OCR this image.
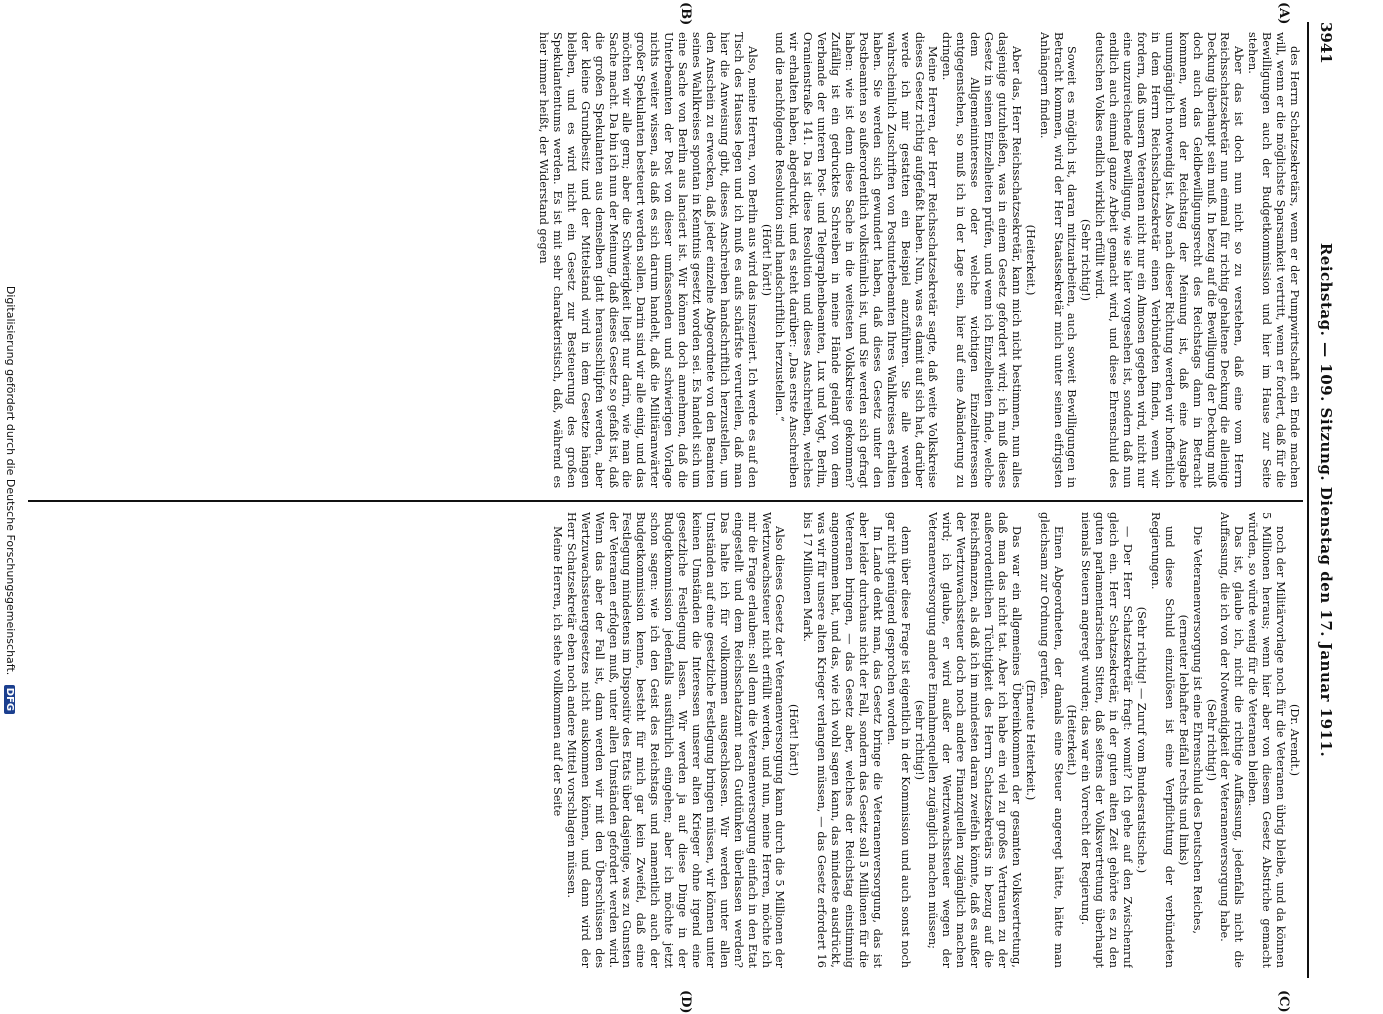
3941
Reichstag. — 109. Sitzung. Dienstag den 17. Januar 1911.
(C)
(D)
(A)
(B)

des Herrn Schatzsekretärs, wenn er der Pumpwirtschaft ein Ende machen will, wenn er die möglichste Sparsamkeit vertritt, wenn er fordert, daß für die Bewilligungen auch der Budgetkommission und hier im Hause zur Seite stehen.

Aber das ist doch nun nicht so zu verstehen, daß eine vom Herrn Reichsschatzsekretär nun einmal für richtig gehaltene Deckung die alleinige Deckung überhaupt sein muß. In bezug auf die Bewilligung der Deckung muß doch auch das Geldbewilligungsrecht des Reichstags dann in Betracht kommen, wenn der Reichstag der Meinung ist, daß eine Ausgabe unumgänglich notwendig ist. Also nach dieser Richtung werden wir hoffentlich in dem Herrn Reichsschatzsekretär einen Verbündeten finden, wenn wir fordern, daß unsern Veteranen nicht nur ein Almosen gegeben wird, nicht nur eine unzureichende Bewilligung, wie sie hier vorgesehen ist, sondern daß nun endlich auch einmal ganze Arbeit gemacht wird, und diese Ehrenschuld des deutschen Volkes endlich wirklich erfüllt wird.

(Sehr richtig!)

Soweit es möglich ist, daran mitzuarbeiten, auch soweit Bewilligungen in Betracht kommen, wird der Herr Staatssekretär mich unter seinen eifrigsten Anhängern finden.

(Heiterkeit.)

Aber das, Herr Reichsschatzsekretär, kann mich nicht bestimmen, nun alles dasjenige gutzuheißen, was in einem Gesetz gefordert wird; ich muß dieses Gesetz in seinen Einzelheiten prüfen, und wenn ich Einzelheiten finde, welche dem Allgemeininteresse oder welche wichtigen Einzelinteressen entgegenstehen, so muß ich in der Lage sein, hier auf eine Abänderung zu dringen.

Meine Herren, der Herr Reichsschatzsekretär sagte, daß weite Volkskreise dieses Gesetz richtig aufgefaßt haben. Nun, was es damit auf sich hat, darüber werde ich mir gestatten ein Beispiel anzuführen. Sie alle werden wahrscheinlich Zuschriften von Postunterbeamten Ihres Wahlkreises erhalten haben. Sie werden sich gewundert haben, daß dieses Gesetz unter den Postbeamten so außerordentlich volkstümlich ist, und Sie werden sich gefragt haben: wie ist denn diese Sache in die weitesten Volkskreise gekommen? Zufällig ist ein gedrucktes Schreiben in meine Hände gelangt von dem Verbande der unteren Post- und Telegraphenbeamten, Lux und Vogt, Berlin, Oranienstraße 141. Da ist diese Resolution und dieses Anschreiben, welches wir erhalten haben, abgedruckt, und es steht darüber: „Das erste Anschreiben und die nachfolgende Resolution sind handschriftlich herzustellen.“

(Hört! hört!)

Also, meine Herren, von Berlin aus wird das inszeniert. Ich werde es auf den Tisch des Hauses legen und ich muß es aufs schärfste verurteilen, daß man hier die Anweisung gibt, dieses Anschreiben handschriftlich herzustellen, um den Anschein zu erwecken, daß jeder einzelne Abgeordnete von den Beamten seines Wahlkreises spontan in Kenntnis gesetzt worden sei. Es handelt sich um eine Sache von Berlin aus lanciert ist. Wir können doch annehmen, daß die Unterbeamten der Post von dieser umfassenden und schwierigen Vorlage nichts weiter wissen, als daß es sich darum handelt, daß die Militäranwärter großer Spekulanten besteuert werden sollen. Darin sind wir alle einig, und das möchten wir alle gern; aber die Schwierigkeit liegt nur darin, wie man die Sache macht. Da bin ich nun der Meinung, daß dieses Gesetz so gefaßt ist, daß die großen Spekulanten aus demselben glatt herausschlüpfen werden, aber der kleine Grundbesitz und der Mittelstand wird in dem Gesetze hängen bleiben, und es wird nicht ein Gesetz zur Besteuerung des großen Spekulantentums werden. Es ist mit sehr charakteristisch, daß, während es hier immer heißt, der Widerstand gegen

(Dr. Arendt.)

noch der Militärvorlage noch für die Veteranen übrig bleibe, und da können 5 Millionen heraus; wenn hier aber von diesem Gesetz Abstriche gemacht würden, so würde wenig für die Veteranen bleiben.

Das ist, glaube ich, nicht die richtige Auffassung, jedenfalls nicht die Auffassung, die ich von der Notwendigkeit der Veteranenversorgung habe.

(Sehr richtig!)

Die Veteranenversorgung ist eine Ehrenschuld des Deutschen Reiches,

(erneuter lebhafter Beifall rechts und links)

und diese Schuld einzulösen ist eine Verpflichtung der verbündeten Regierungen.

(Sehr richtig! — Zuruf vom Bundesratstische.)

— Der Herr Schatzsekretär fragt: womit? Ich gehe auf den Zwischenruf gleich ein. Herr Schatzsekretär, in der guten alten Zeit gehörte es zu den guten parlamentarischen Sitten, daß seitens der Volksvertretung überhaupt niemals Steuern angeregt wurden; das war ein Vorrecht der Regierung.

(Heiterkeit.)

Einen Abgeordneten, der damals eine Steuer angeregt hätte, hätte man gleichsam zur Ordnung gerufen.

(Erneute Heiterkeit.)

Das war ein allgemeines Übereinkommen der gesamten Volksvertretung, daß man das nicht tat. Aber ich habe ein viel zu großes Vertrauen zu der außerordentlichen Tüchtigkeit des Herrn Schatzsekretärs in bezug auf die Reichsfinanzen, als daß ich im mindesten daran zweifeln könnte, daß es außer der Wertzuwachssteuer doch noch andere Finanzquellen zugänglich machen wird; ich glaube, er wird außer der Wertzuwachssteuer wegen der Veteranenversorgung andere Einnahmequellen zugänglich machen müssen;

(sehr richtig!)

denn über diese Frage ist eigentlich in der Kommission und auch sonst noch gar nicht genügend gesprochen worden.

Im Lande denkt man, das Gesetz bringe die Veteranenversorgung, das ist aber leider durchaus nicht der Fall, sondern das Gesetz soll 5 Millionen für die Veteranen bringen, — das Gesetz aber, welches der Reichstag einstimmig angenommen hat, und das, wie ich wohl sagen kann, das mindeste ausdrückt, was wir für unsere alten Krieger verlangen müssen, — das Gesetz erfordert 16 bis 17 Millionen Mark.

(Hört! hört!)

Also dieses Gesetz der Veteranenversorgung kann durch die 5 Millionen der Wertzuwachssteuer nicht erfüllt werden, und nun, meine Herren, möchte ich mir die Frage erlauben: soll denn die Veteranenversorgung einfach in den Etat eingestellt und dem Reichsschatzamt nach Gutdünken überlassen werden? Das halte ich für vollkommen ausgeschlossen. Wir werden unter allen Umständen auf eine gesetzliche Festlegung bringen müssen, wir können unter keinen Umständen die Interessen unserer alten Krieger ohne irgend eine gesetzliche Festlegung lassen. Wir werden ja auf diese Dinge in der Budgetkommission jedenfalls ausführlich eingehen; aber ich möchte jetzt schon sagen: wie ich den Geist des Reichstags und namentlich auch der Budgetkommission kenne, besteht für mich gar kein Zweifel, daß eine Festlegung mindestens im Dispositiv des Etats über dasjenige, was zu Gunsten der Veteranen erfolgen muß, unter allen Umständen gefordert werden wird. Wenn das aber der Fall ist, dann werden wir mit den Überschüssen des Wertzuwachssteuergesetzes nicht auskommen können, und dann wird der Herr Schatzsekretär eben noch andere Mittel vorschlagen müssen.

Meine Herren, ich stehe vollkommen auf der Seite

Digitalisierung gefördert durch die Deutsche Forschungsgemeinschaft. DFG
